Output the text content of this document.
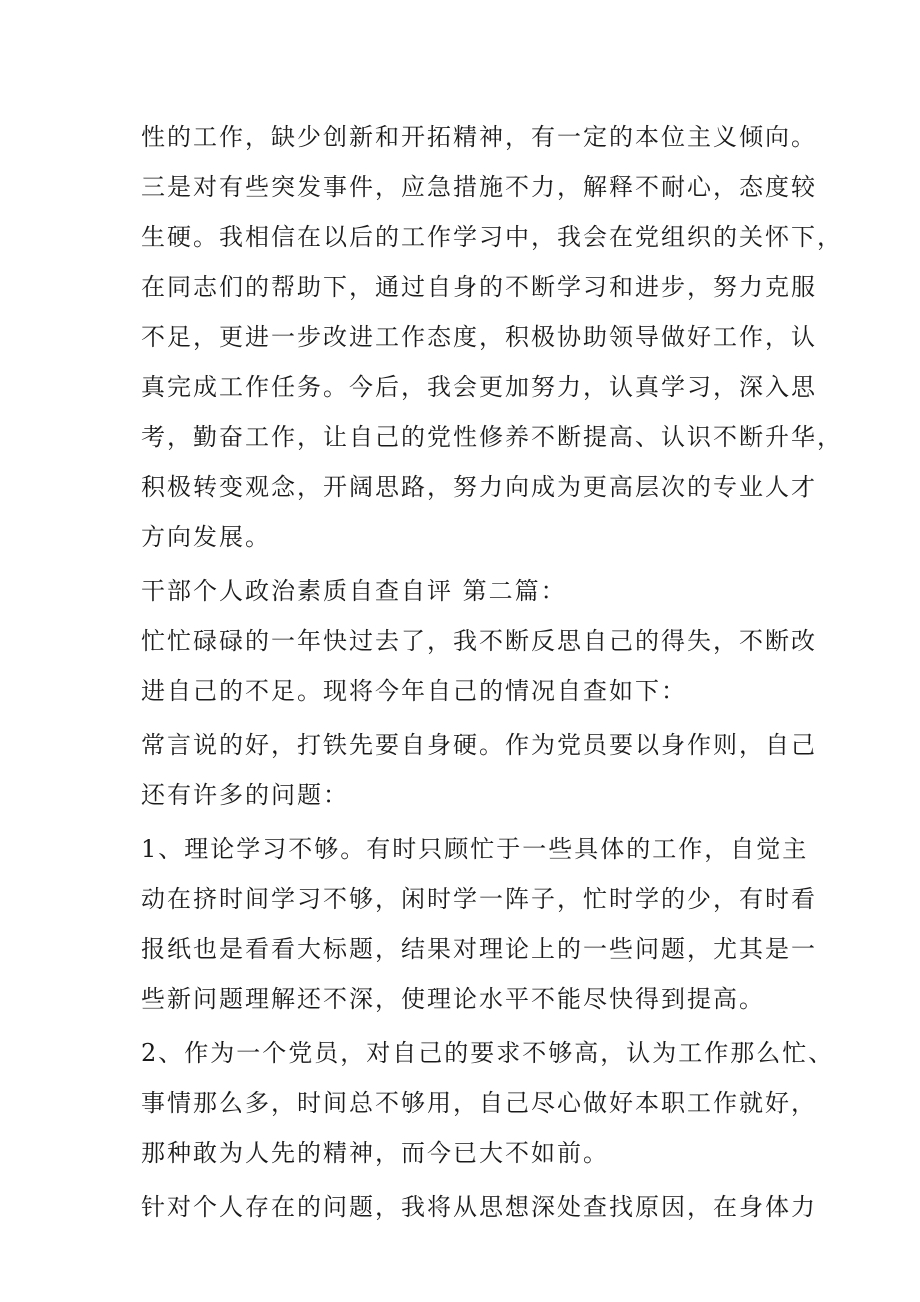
性的工作，缺少创新和开拓精神，有一定的本位主义倾向。
三是对有些突发事件，应急措施不力，解释不耐心，态度较
生硬。我相信在以后的工作学习中，我会在党组织的关怀下，
在同志们的帮助下，通过自身的不断学习和进步，努力克服
不足，更进一步改进工作态度，积极协助领导做好工作，认
真完成工作任务。今后，我会更加努力，认真学习，深入思
考，勤奋工作，让自己的党性修养不断提高、认识不断升华，
积极转变观念，开阔思路，努力向成为更高层次的专业人才
方向发展。
干部个人政治素质自查自评 第二篇：
忙忙碌碌的一年快过去了，我不断反思自己的得失，不断改
进自己的不足。现将今年自己的情况自查如下：
常言说的好，打铁先要自身硬。作为党员要以身作则，自己
还有许多的问题：
1、理论学习不够。有时只顾忙于一些具体的工作，自觉主
动在挤时间学习不够，闲时学一阵子，忙时学的少，有时看
报纸也是看看大标题，结果对理论上的一些问题，尤其是一
些新问题理解还不深，使理论水平不能尽快得到提高。
2、作为一个党员，对自己的要求不够高，认为工作那么忙、
事情那么多，时间总不够用，自己尽心做好本职工作就好，
那种敢为人先的精神，而今已大不如前。
针对个人存在的问题，我将从思想深处查找原因，在身体力
